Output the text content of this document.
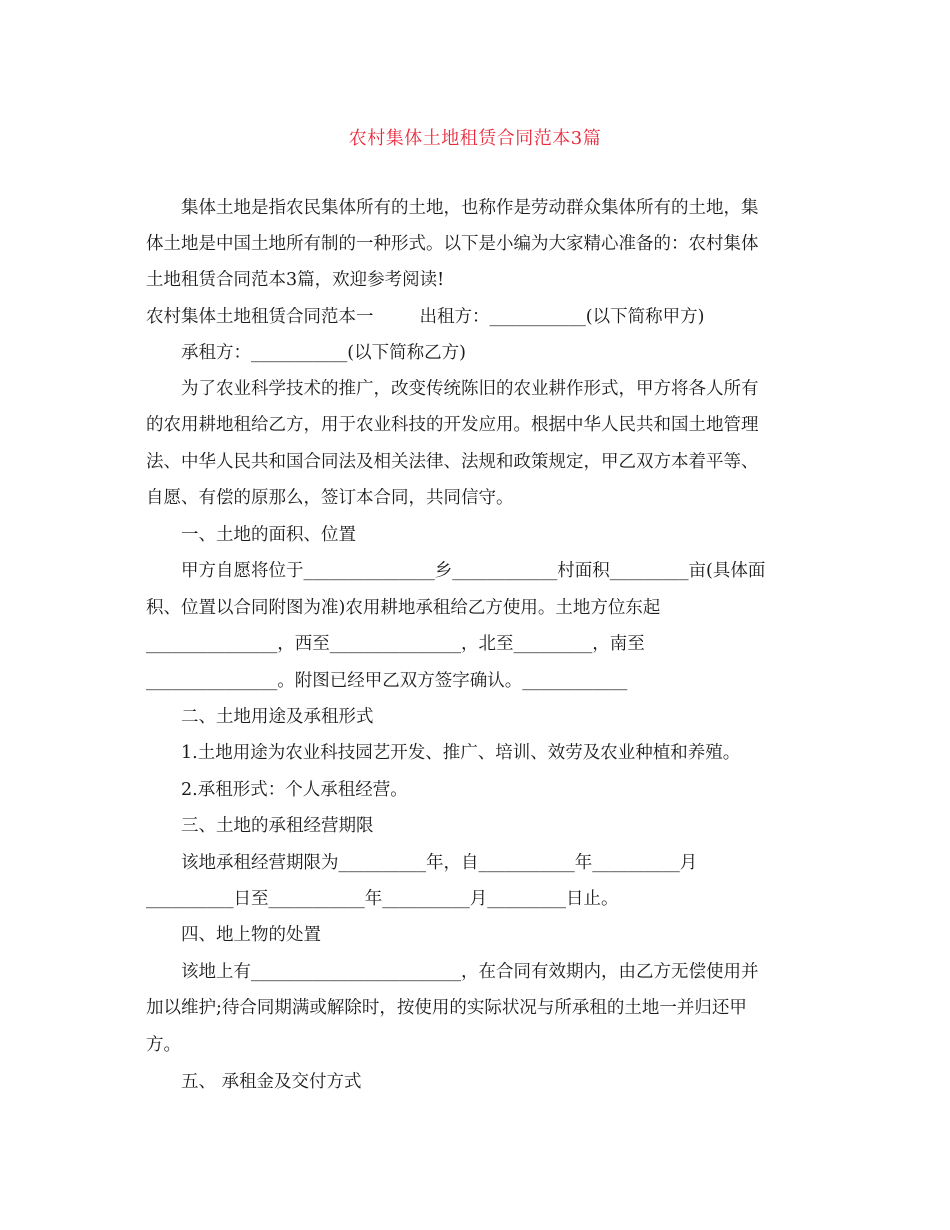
农村集体土地租赁合同范本3篇
集体土地是指农民集体所有的土地，也称作是劳动群众集体所有的土地，集
体土地是中国土地所有制的一种形式。以下是小编为大家精心准备的：农村集体
土地租赁合同范本3篇，欢迎参考阅读!
农村集体土地租赁合同范本一	出租方：___________(以下简称甲方)
承租方：___________(以下简称乙方)
为了农业科学技术的推广，改变传统陈旧的农业耕作形式，甲方将各人所有
的农用耕地租给乙方，用于农业科技的开发应用。根据中华人民共和国土地管理
法、中华人民共和国合同法及相关法律、法规和政策规定，甲乙双方本着平等、
自愿、有偿的原那么，签订本合同，共同信守。
一、土地的面积、位置
甲方自愿将位于_______________乡____________村面积_________亩(具体面
积、位置以合同附图为准)农用耕地承租给乙方使用。土地方位东起
_______________，西至_______________，北至_________，南至
_______________。附图已经甲乙双方签字确认。____________
二、土地用途及承租形式
1.土地用途为农业科技园艺开发、推广、培训、效劳及农业种植和养殖。
2.承租形式：个人承租经营。
三、土地的承租经营期限
该地承租经营期限为__________年，自___________年__________月
__________日至___________年__________月_________日止。
四、地上物的处置
该地上有________________________，在合同有效期内，由乙方无偿使用并
加以维护;待合同期满或解除时，按使用的实际状况与所承租的土地一并归还甲
方。
五、 承租金及交付方式
